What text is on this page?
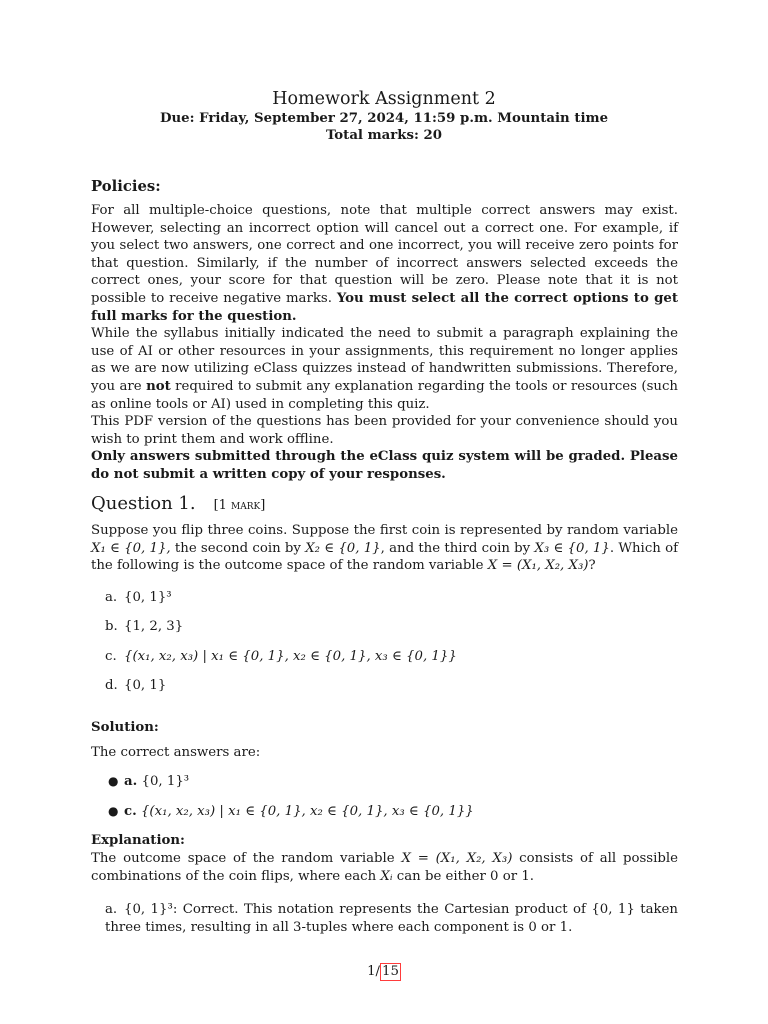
Homework Assignment 2
Due: Friday, September 27, 2024, 11:59 p.m. Mountain time
Total marks: 20
Policies:

For all multiple-choice questions, note that multiple correct answers may exist. However, selecting an incorrect option will cancel out a correct one. For example, if you select two answers, one correct and one incorrect, you will receive zero points for that question. Similarly, if the number of incorrect answers selected exceeds the correct ones, your score for that question will be zero. Please note that it is not possible to receive negative marks. You must select all the correct options to get full marks for the question.

While the syllabus initially indicated the need to submit a paragraph explaining the use of AI or other resources in your assignments, this requirement no longer applies as we are now utilizing eClass quizzes instead of handwritten submissions. Therefore, you are not required to submit any explanation regarding the tools or resources (such as online tools or AI) used in completing this quiz.

This PDF version of the questions has been provided for your convenience should you wish to print them and work offline.

Only answers submitted through the eClass quiz system will be graded. Please do not submit a written copy of your responses.

Question 1. [1 mark]

Suppose you flip three coins. Suppose the first coin is represented by random variable X₁ ∈ {0, 1}, the second coin by X₂ ∈ {0, 1}, and the third coin by X₃ ∈ {0, 1}. Which of the following is the outcome space of the random variable X = (X₁, X₂, X₃)?

a. {0, 1}³
b. {1, 2, 3}
c. {(x₁, x₂, x₃) | x₁ ∈ {0, 1}, x₂ ∈ {0, 1}, x₃ ∈ {0, 1}}
d. {0, 1}
Solution:
The correct answers are:
● a. {0, 1}³
● c. {(x₁, x₂, x₃) | x₁ ∈ {0, 1}, x₂ ∈ {0, 1}, x₃ ∈ {0, 1}}
Explanation:

The outcome space of the random variable X = (X₁, X₂, X₃) consists of all possible combinations of the coin flips, where each Xᵢ can be either 0 or 1.

a. {0, 1}³: Correct. This notation represents the Cartesian product of {0, 1} taken three times, resulting in all 3-tuples where each component is 0 or 1.
1/ 15
